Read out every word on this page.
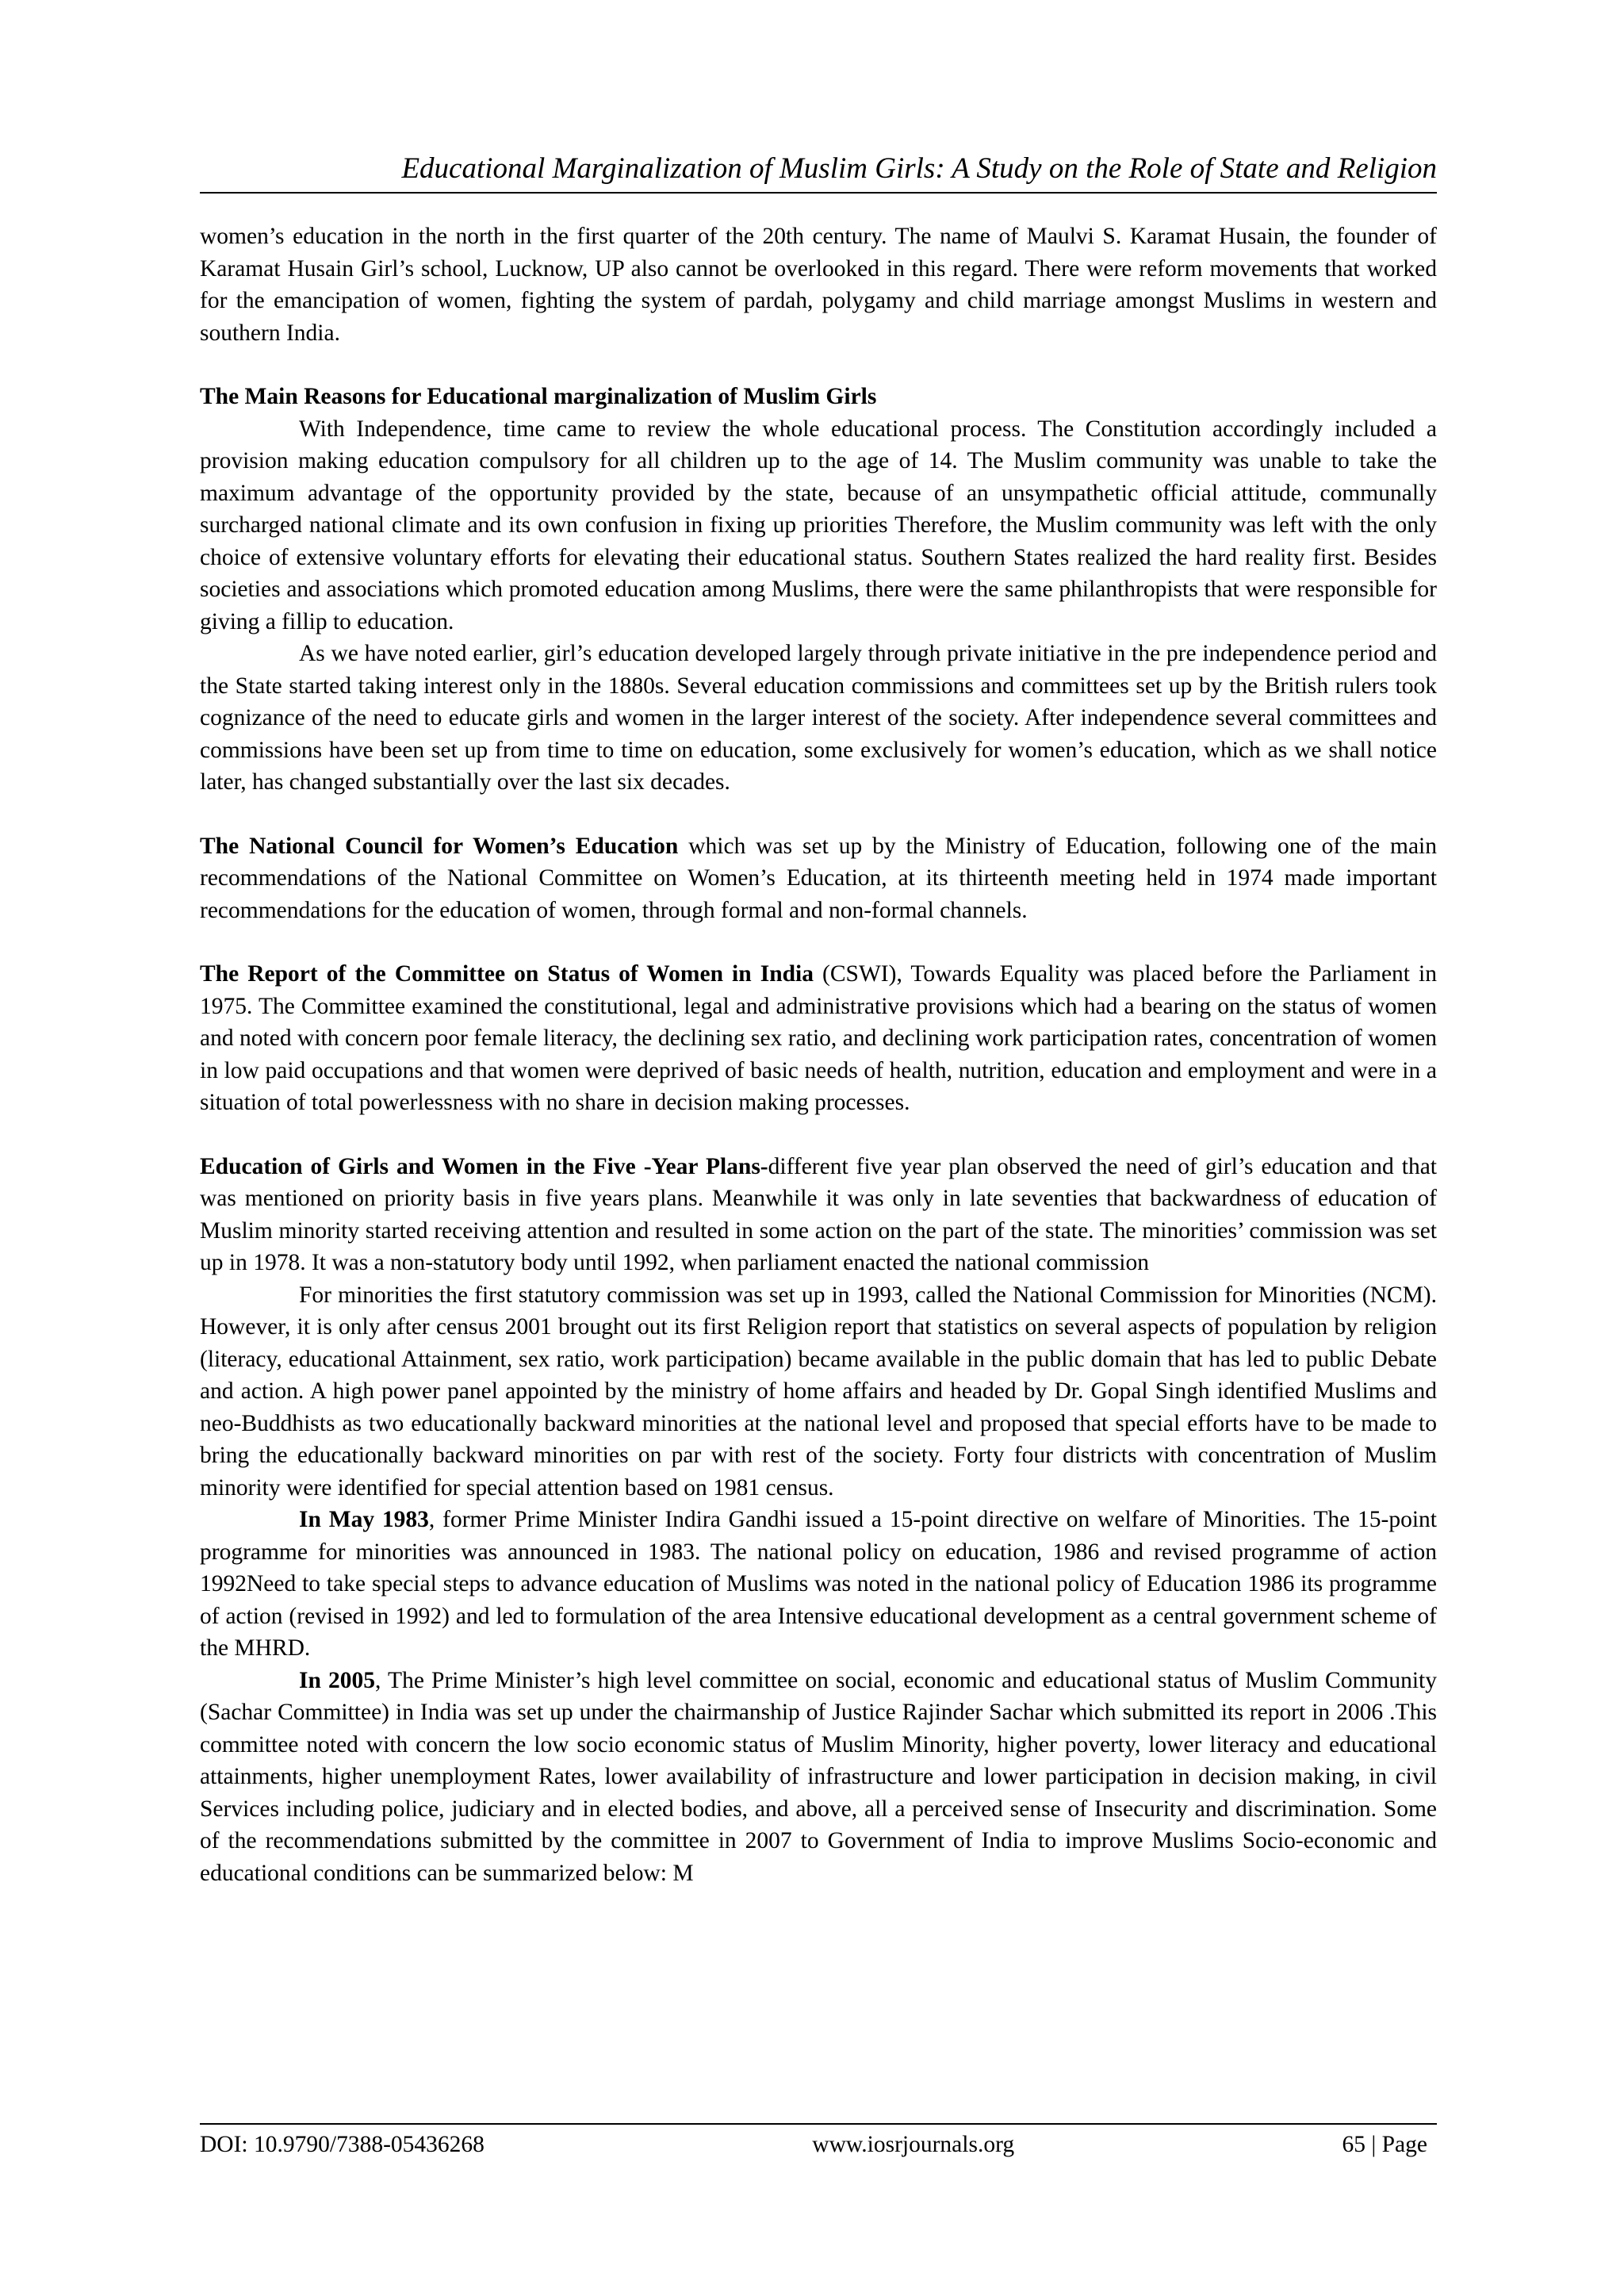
Educational Marginalization of Muslim Girls: A Study on the Role of State and Religion

women’s education in the north in the first quarter of the 20th century. The name of Maulvi S. Karamat Husain, the founder of Karamat Husain Girl’s school, Lucknow, UP also cannot be overlooked in this regard. There were reform movements that worked for the emancipation of women, fighting the system of pardah, polygamy and child marriage amongst Muslims in western and southern India.

The Main Reasons for Educational marginalization of Muslim Girls

With Independence, time came to review the whole educational process. The Constitution accordingly included a provision making education compulsory for all children up to the age of 14. The Muslim community was unable to take the maximum advantage of the opportunity provided by the state, because of an unsympathetic official attitude, communally surcharged national climate and its own confusion in fixing up priorities Therefore, the Muslim community was left with the only choice of extensive voluntary efforts for elevating their educational status. Southern States realized the hard reality first. Besides societies and associations which promoted education among Muslims, there were the same philanthropists that were responsible for giving a fillip to education.

As we have noted earlier, girl’s education developed largely through private initiative in the pre independence period and the State started taking interest only in the 1880s. Several education commissions and committees set up by the British rulers took cognizance of the need to educate girls and women in the larger interest of the society. After independence several committees and commissions have been set up from time to time on education, some exclusively for women’s education, which as we shall notice later, has changed substantially over the last six decades.

The National Council for Women’s Education which was set up by the Ministry of Education, following one of the main recommendations of the National Committee on Women’s Education, at its thirteenth meeting held in 1974 made important recommendations for the education of women, through formal and non-formal channels.

The Report of the Committee on Status of Women in India (CSWI), Towards Equality was placed before the Parliament in 1975. The Committee examined the constitutional, legal and administrative provisions which had a bearing on the status of women and noted with concern poor female literacy, the declining sex ratio, and declining work participation rates, concentration of women in low paid occupations and that women were deprived of basic needs of health, nutrition, education and employment and were in a situation of total powerlessness with no share in decision making processes.

Education of Girls and Women in the Five -Year Plans-different five year plan observed the need of girl’s education and that was mentioned on priority basis in five years plans. Meanwhile it was only in late seventies that backwardness of education of Muslim minority started receiving attention and resulted in some action on the part of the state. The minorities’ commission was set up in 1978. It was a non-statutory body until 1992, when parliament enacted the national commission

For minorities the first statutory commission was set up in 1993, called the National Commission for Minorities (NCM). However, it is only after census 2001 brought out its first Religion report that statistics on several aspects of population by religion (literacy, educational Attainment, sex ratio, work participation) became available in the public domain that has led to public Debate and action. A high power panel appointed by the ministry of home affairs and headed by Dr. Gopal Singh identified Muslims and neo-Buddhists as two educationally backward minorities at the national level and proposed that special efforts have to be made to bring the educationally backward minorities on par with rest of the society. Forty four districts with concentration of Muslim minority were identified for special attention based on 1981 census.

In May 1983, former Prime Minister Indira Gandhi issued a 15-point directive on welfare of Minorities. The 15-point programme for minorities was announced in 1983. The national policy on education, 1986 and revised programme of action 1992Need to take special steps to advance education of Muslims was noted in the national policy of Education 1986 its programme of action (revised in 1992) and led to formulation of the area Intensive educational development as a central government scheme of the MHRD.

In 2005, The Prime Minister’s high level committee on social, economic and educational status of Muslim Community (Sachar Committee) in India was set up under the chairmanship of Justice Rajinder Sachar which submitted its report in 2006 .This committee noted with concern the low socio economic status of Muslim Minority, higher poverty, lower literacy and educational attainments, higher unemployment Rates, lower availability of infrastructure and lower participation in decision making, in civil Services including police, judiciary and in elected bodies, and above, all a perceived sense of Insecurity and discrimination. Some of the recommendations submitted by the committee in 2007 to Government of India to improve Muslims Socio-economic and educational conditions can be summarized below: M

DOI: 10.9790/7388-05436268	www.iosrjournals.org	65 | Page
